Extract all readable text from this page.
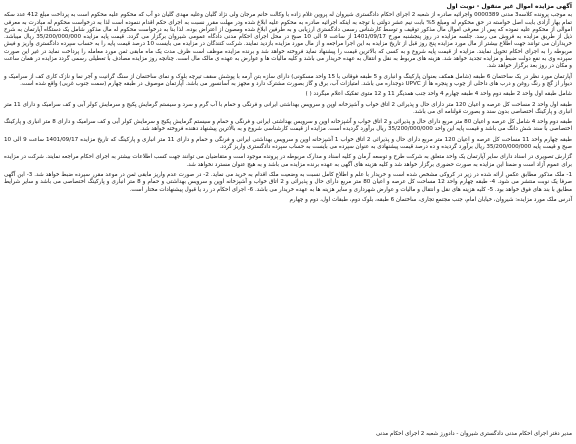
آگهی مزایده اموال غیر منقول - نوبت اول
به موجب پرونده کلاسه3 مدنی 0000389 واجرائیه صادره از شعبه 2 اجرای احکام دادگستری شیروان له پروین غلام زاده با وکالت خانم مرجان ولی نژاد گلیان وعلیه مهدی گلیان دو آب که محکوم علیه محکوم است به پرداخت مبلغ 412 عدد سکه تمام بهار آزادی بابت اصل خواسته در حق محکوم له ومبلغ 5% بابت نیم عشر دولتی با توجه به اینکه اجرائیه صادره به محکوم علیه ابلاغ شده ودر مهلت مقرر نسبت به اجرای حکم اقدام ننموده است لذا به درخواست محکوم له مبادرت به معرفی اموالی از محکوم علیه نموده که پس از معرفی اموال مال مذکور توقیف و توسط کارشناس رسمی دادگستری ارزیابی و به طرفین ابلاغ شده ومصون از اعتراض بوده. لذا بنا به درخواست محکوم له مال مذکور شامل یک دستگاه آپارتمان به شرح ذیل از طریق مزایده به فروش می رسد. جلسه مزایده در روز پنجشنبه مورخ 1401/09/17 از ساعت 9 الی 10 صبح در محل اجرای احکام مدنی دادگاه عمومی شیروان برگزار می گردد. قیمت پایه مزایده 35/200/000/000 ریال میباشد. خریداران می توانند جهت اطلاع بیشتر از مال مورد مزایده پنج روز قبل از تاریخ مزایده به این اجرا مراجعه و از مال مورد مزایده بازدید نمایند. شرکت کنندگان در مزایده می بایست 10 درصد قیمت پایه را به حساب سپرده دادگستری واریز و فیش مربوطه را به اجرای احکام تحویل نمایند. مزایده از قیمت پایه شروع و به کسی که بالاترین قیمت را پیشنهاد نماید فروخته خواهد شد و برنده مزایده موظف است ظرف مدت یک ماه مابقی ثمن مورد معامله را پرداخت نماید در غیر این صورت سپرده وی به نفع دولت ضبط و مزایده تجدید خواهد شد. هزینه های مربوط به نقل و انتقال به عهده خریدار می باشد و کلیه مالیات ها و عوارض به عهده ی مالک مال است. چنانچه روز مزایده مصادف با تعطیلی رسمی گردد مزایده در همان ساعت و مکان در روز بعد برگزار خواهد شد.
آپارتمان مورد نظر در یک ساختمان 6 طبقه (شامل همکف بعنوان پارکینگ و انباری و 5 طبقه فوقانی با 15 واحد مسکونی) دارای سازه بتن آرمه با پوشش سقف تیرچه بلوک و نمای ساختمان از سنگ گرانیت و آجر نما و نازک کاری کف از سرامیک و دیوار از گچ و رنگ روغن و درب های داخلی از چوب و پنجره ها از UPVC دوجداره می باشد. امتیازات آب، برق و گاز بصورت مشترک دارد و مجهز به آسانسور می باشد. آپارتمان موصوف در طبقه چهارم (سمت جنوب غربی) واقع شده است.
شامل طبقه اول واحد 2 طبقه دوم واحد 4 طبقه چهارم 4 واحد جنب همدیگر 11 و 12 متوی تفکیک اعلام میگردد ( )
طبقه اول واحد 2 مساحت کل عرصه و اعیان 120 متر دارای حال و پذیرائی 2 اتاق خواب و آشپزخانه اوپن و سرویس بهداشتی ایرانی و فرنگی و حمام با آب گرم و سرد و سیستم گرمایش پکیج و سرمایش کولر آبی و کف سرامیک و دارای 11 متر انباری و پارکینگ اختصاصی بدون سند و بصورت قولنامه ای می باشد.
طبقه دوم واحد 4 شامل کل عرصه و اعیان 80 متر مربع دارای حال و پذیرائی و 2 اتاق خواب و آشپزخانه اوپن و سرویس بهداشتی ایرانی و فرنگی و حمام و سیستم گرمایش پکیج و سرمایش کولر آبی و کف سرامیک و دارای 8 متر انباری و پارکینگ اختصاصی با سند شش دانگ می باشد و قیمت پایه این واحد 35/200/000/000 ریال برآورد گردیده است. مزایده از قیمت کارشناسی شروع و به بالاترین پیشنهاد دهنده فروخته خواهد شد.
طبقه چهارم واحد 11 مساحت کل عرصه و اعیان 120 متر مربع دارای حال و پذیرائی 2 اتاق خواب 1 آشپزخانه اوپن و سرویس بهداشتی ایرانی و فرنگی و حمام و دارای 11 متر انباری و پارکینگ که تاریخ مزایده 1401/09/17 ساعت 9 الی 10 صبح و قیمت پایه 35/200/000/000 ریال برآورد گردیده و ده درصد قیمت پیشنهادی به عنوان سپرده می بایست به حساب سپرده دادگستری واریز گردد.
گزارش تصویری در اسناد دارای سایر آپارتمان یک واحد متعلق به شرکت طرح و توسعه آرمان و کلیه اسناد و مدارک مربوطه در پرونده موجود است و متقاضیان می توانند جهت کسب اطلاعات بیشتر به اجرای احکام مراجعه نمایند. شرکت در مزایده برای عموم آزاد است و ضمنا این مزایده به صورت حضوری برگزار خواهد شد و کلیه هزینه های آگهی به عهده برنده مزایده می باشد و به هیچ عنوان مسترد نخواهد شد.
1- ملک مذکور مطابق عکس ارائه شده در زیر در کروکی مشخص شده است و خریدار با علم و اطلاع کامل نسبت به وضعیت ملک اقدام به خرید می نماید. 2- در صورت عدم واریز مابقی ثمن در موعد مقرر سپرده ضبط خواهد شد. 3- این آگهی صرفا یک نوبت منتشر می شود. 4- طبقه چهارم واحد 12 مساحت کل عرصه و اعیان 80 متر مربع دارای حال و پذیرائی و 2 اتاق خواب و آشپزخانه اوپن و سرویس بهداشتی و حمام و 8 متر انباری و پارکینگ اختصاصی می باشد و سایر شرایط مطابق با بند های فوق خواهد بود. 5- کلیه هزینه های نقل و انتقال و مالیات و عوارض شهرداری و سایر هزینه ها به عهده خریدار می باشد. 6- اجرای احکام در رد یا قبول پیشنهادات مختار است.
آدرس ملک مورد مزایده: شیروان، خیابان امام، جنب مجتمع تجاری، ساختمان 6 طبقه، بلوک دوم، طبقات اول، دوم و چهارم
مدیر دفتر اجرای احکام مدنی دادگستری شیروان - دادورز شعبه 2 اجرای احکام مدنی
